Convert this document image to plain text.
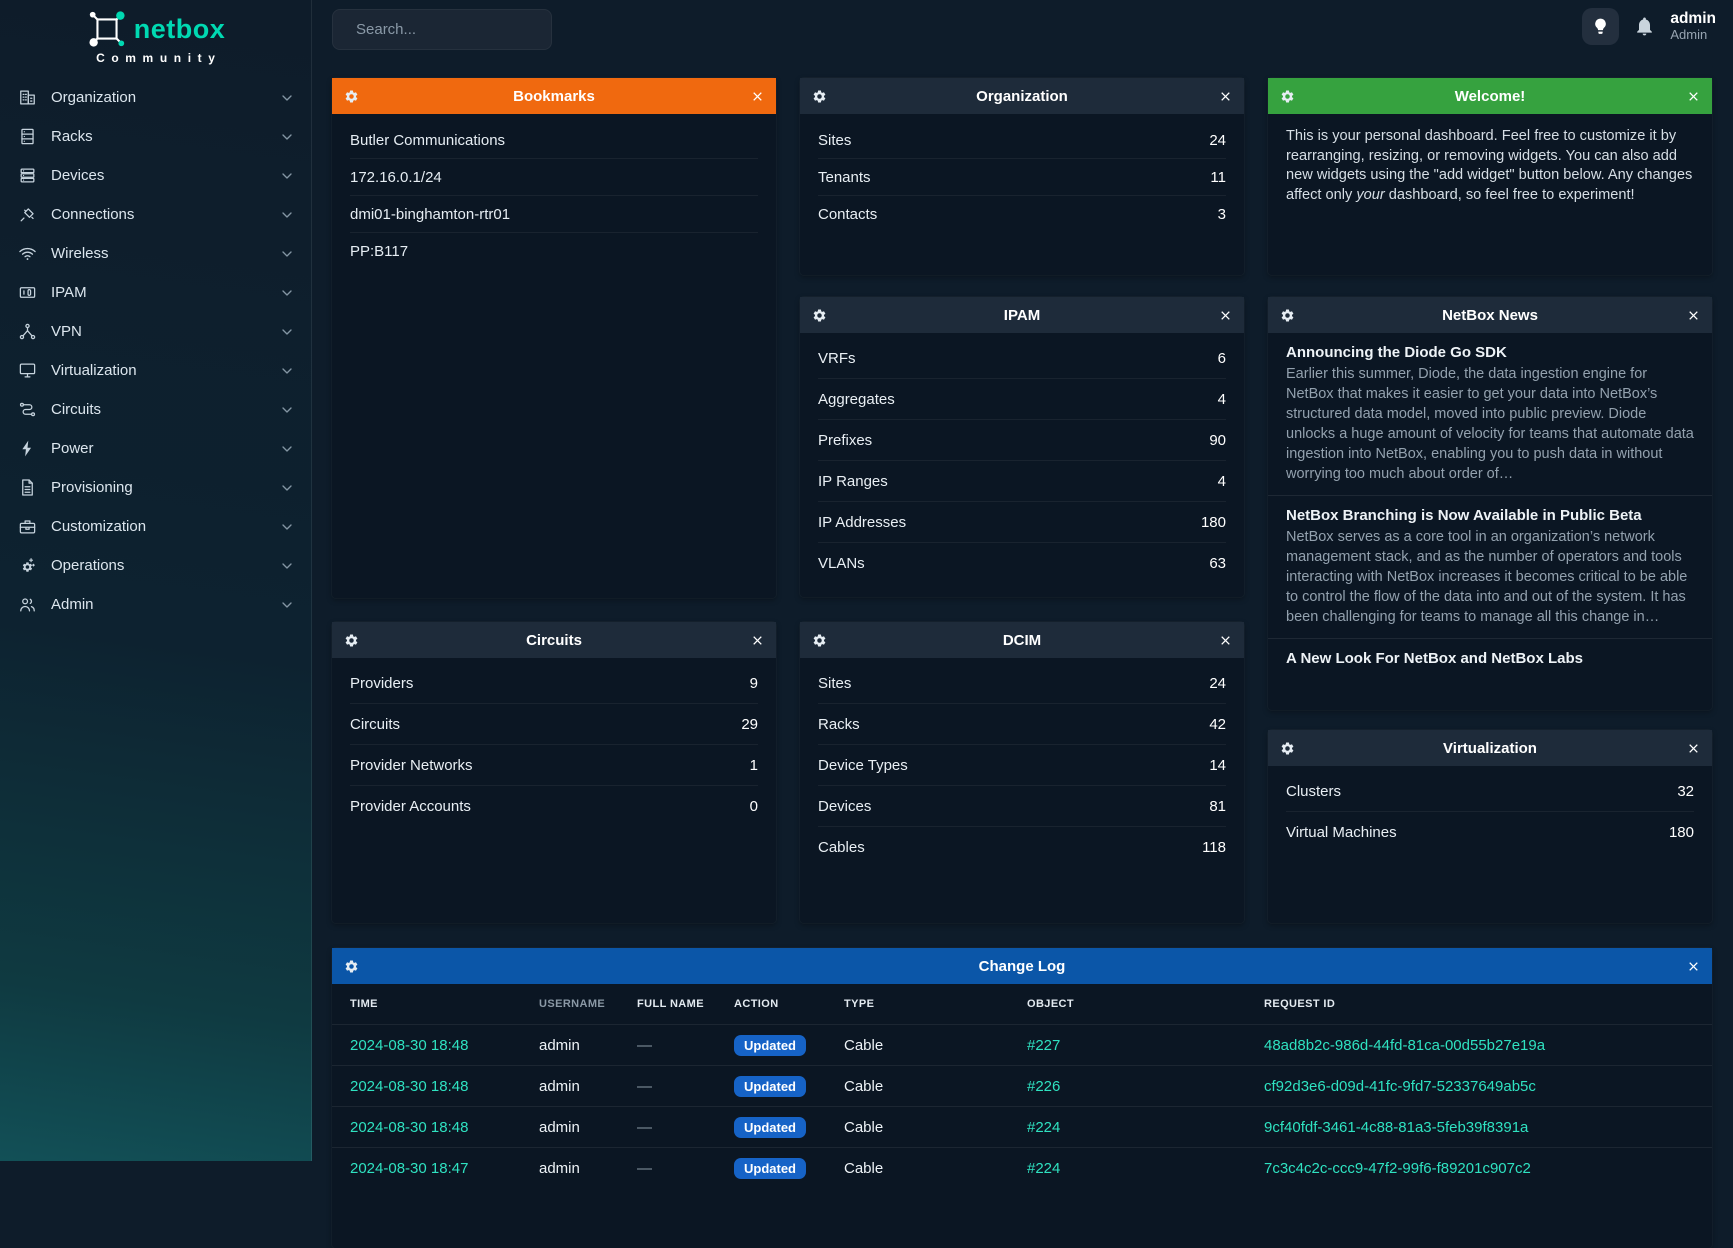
netbox
Community
Organization
Racks
Devices
Connections
Wireless
IPAM
VPN
Virtualization
Circuits
Power
Provisioning
Customization
Operations
Admin
Search...
admin
Admin
Bookmarks
Butler Communications
172.16.0.1/24
dmi01-binghamton-rtr01
PP:B117
Organization
Sites	24
Tenants	11
Contacts	3
Welcome!

This is your personal dashboard. Feel free to customize it by rearranging, resizing, or removing widgets. You can also add new widgets using the "add widget" button below. Any changes affect only your dashboard, so feel free to experiment!

IPAM
VRFs	6
Aggregates	4
Prefixes	90
IP Ranges	4
IP Addresses	180
VLANs	63
NetBox News
Announcing the Diode Go SDK

Earlier this summer, Diode, the data ingestion engine for NetBox that makes it easier to get your data into NetBox’s structured data model, moved into public preview. Diode unlocks a huge amount of velocity for teams that automate data ingestion into NetBox, enabling you to push data in without worrying too much about order of…

NetBox Branching is Now Available in Public Beta

NetBox serves as a core tool in an organization’s network management stack, and as the number of operators and tools interacting with NetBox increases it becomes critical to be able to control the flow of the data into and out of the system. It has been challenging for teams to manage all this change in…

A New Look For NetBox and NetBox Labs
Circuits
Providers	9
Circuits	29
Provider Networks	1
Provider Accounts	0
DCIM
Sites	24
Racks	42
Device Types	14
Devices	81
Cables	118
Virtualization
Clusters	32
Virtual Machines	180
Change Log
TIME	USERNAME	FULL NAME	ACTION	TYPE	OBJECT	REQUEST ID
2024-08-30 18:48	admin	—	Updated	Cable	#227	48ad8b2c-986d-44fd-81ca-00d55b27e19a
2024-08-30 18:48	admin	—	Updated	Cable	#226	cf92d3e6-d09d-41fc-9fd7-52337649ab5c
2024-08-30 18:48	admin	—	Updated	Cable	#224	9cf40fdf-3461-4c88-81a3-5feb39f8391a
2024-08-30 18:47	admin	—	Updated	Cable	#224	7c3c4c2c-ccc9-47f2-99f6-f89201c907c2
